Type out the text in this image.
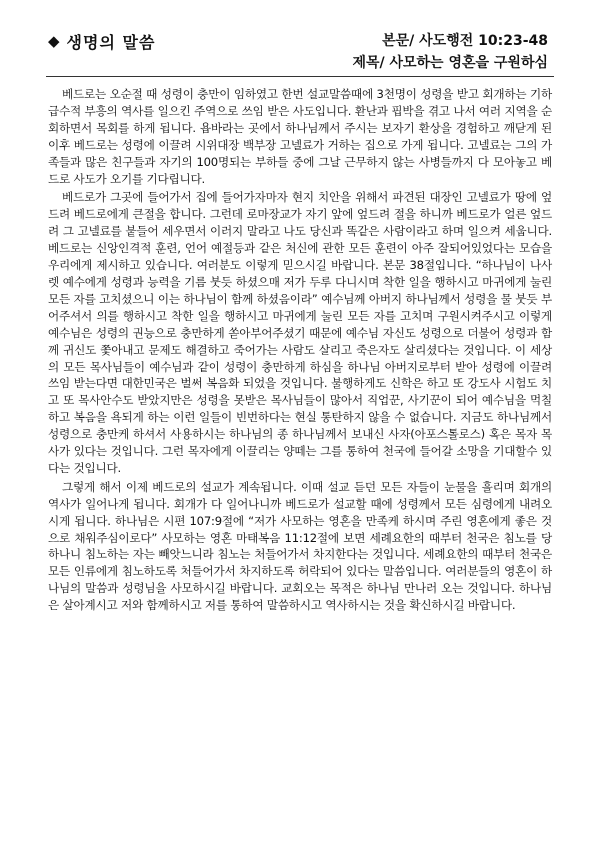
◆ 생명의 말씀	본문/ 사도행전 10:23-48
제목/ 사모하는 영혼을 구원하심

베드로는 오순절 때 성령이 충만이 임하였고 한번 설교말씀때에 3천명이 성령을 받고 회개하는 기하급수적 부흥의 역사를 일으킨 주역으로 쓰임 받은 사도입니다. 환난과 핍박을 겪고 나서 여러 지역을 순회하면서 목회를 하게 됩니다. 욥바라는 곳에서 하나님께서 주시는 보자기 환상을 경험하고 깨닫게 된 이후 베드로는 성령에 이끌려 시위대장 백부장 고넬료가 거하는 집으로 가게 됩니다. 고넬료는 그의 가족들과 많은 친구들과 자기의 100명되는 부하들 중에 그날 근무하지 않는 사병들까지 다 모아놓고 베드로 사도가 오기를 기다립니다.

베드로가 그곳에 들어가서 집에 들어가자마자 현지 치안을 위해서 파견된 대장인 고넬료가 땅에 엎드려 베드로에게 큰절을 합니다. 그런데 로마장교가 자기 앞에 엎드려 절을 하니까 베드로가 얼른 엎드려 그 고넬료를 붙들어 세우면서 이러지 말라고 나도 당신과 똑같은 사람이라고 하며 일으켜 세웁니다. 베드로는 신앙인격적 훈련, 언어 예절등과 같은 처신에 관한 모든 훈련이 아주 잘되어있었다는 모습을 우리에게 제시하고 있습니다. 여러분도 이렇게 믿으시길 바랍니다. 본문 38절입니다. “하나님이 나사렛 예수에게 성령과 능력을 기름 붓듯 하셨으매 저가 두루 다니시며 착한 일을 행하시고 마귀에게 눌린 모든 자를 고치셨으니 이는 하나님이 함께 하셨음이라” 예수님께 아버지 하나님께서 성령을 물 붓듯 부어주셔서 의를 행하시고 착한 일을 행하시고 마귀에게 눌린 모든 자를 고치며 구원시켜주시고 이렇게 예수님은 성령의 권능으로 충만하게 쏟아부어주셨기 때문에 예수님 자신도 성령으로 더불어 성령과 함께 귀신도 쫓아내고 문제도 해결하고 죽어가는 사람도 살리고 죽은자도 살리셨다는 것입니다. 이 세상의 모든 목사님들이 예수님과 같이 성령이 충만하게 하심을 하나님 아버지로부터 받아 성령에 이끌려 쓰임 받는다면 대한민국은 벌써 복음화 되었을 것입니다. 불행하게도 신학은 하고 또 강도사 시험도 치고 또 목사안수도 받았지만은 성령을 못받은 목사님들이 많아서 직업꾼, 사기꾼이 되어 예수님을 먹칠하고 복음을 욕되게 하는 이런 일들이 빈번하다는 현실 통탄하지 않을 수 없습니다. 지금도 하나님께서 성령으로 충만케 하셔서 사용하시는 하나님의 종 하나님께서 보내신 사자(아포스톨로스) 혹은 목자 목사가 있다는 것입니다. 그런 목자에게 이끌리는 양떼는 그를 통하여 천국에 들어갈 소망을 기대할수 있다는 것입니다.

그렇게 해서 이제 베드로의 설교가 계속됩니다. 이때 설교 듣던 모든 자들이 눈물을 흘리며 회개의 역사가 일어나게 됩니다. 회개가 다 일어나니까 베드로가 설교할 때에 성령께서 모든 심령에게 내려오시게 됩니다. 하나님은 시편 107:9절에 “저가 사모하는 영혼을 만족케 하시며 주린 영혼에게 좋은 것으로 채워주심이로다” 사모하는 영혼 마태복음 11:12절에 보면 세례요한의 때부터 천국은 침노를 당하나니 침노하는 자는 빼앗느니라 침노는 처들어가서 차지한다는 것입니다. 세례요한의 때부터 천국은 모든 인류에게 침노하도록 처들어가서 차지하도록 허락되어 있다는 말씀입니다. 여러분들의 영혼이 하나님의 말씀과 성령님을 사모하시길 바랍니다. 교회오는 목적은 하나님 만나러 오는 것입니다. 하나님은 살아계시고 저와 함께하시고 저를 통하여 말씀하시고 역사하시는 것을 확신하시길 바랍니다.
